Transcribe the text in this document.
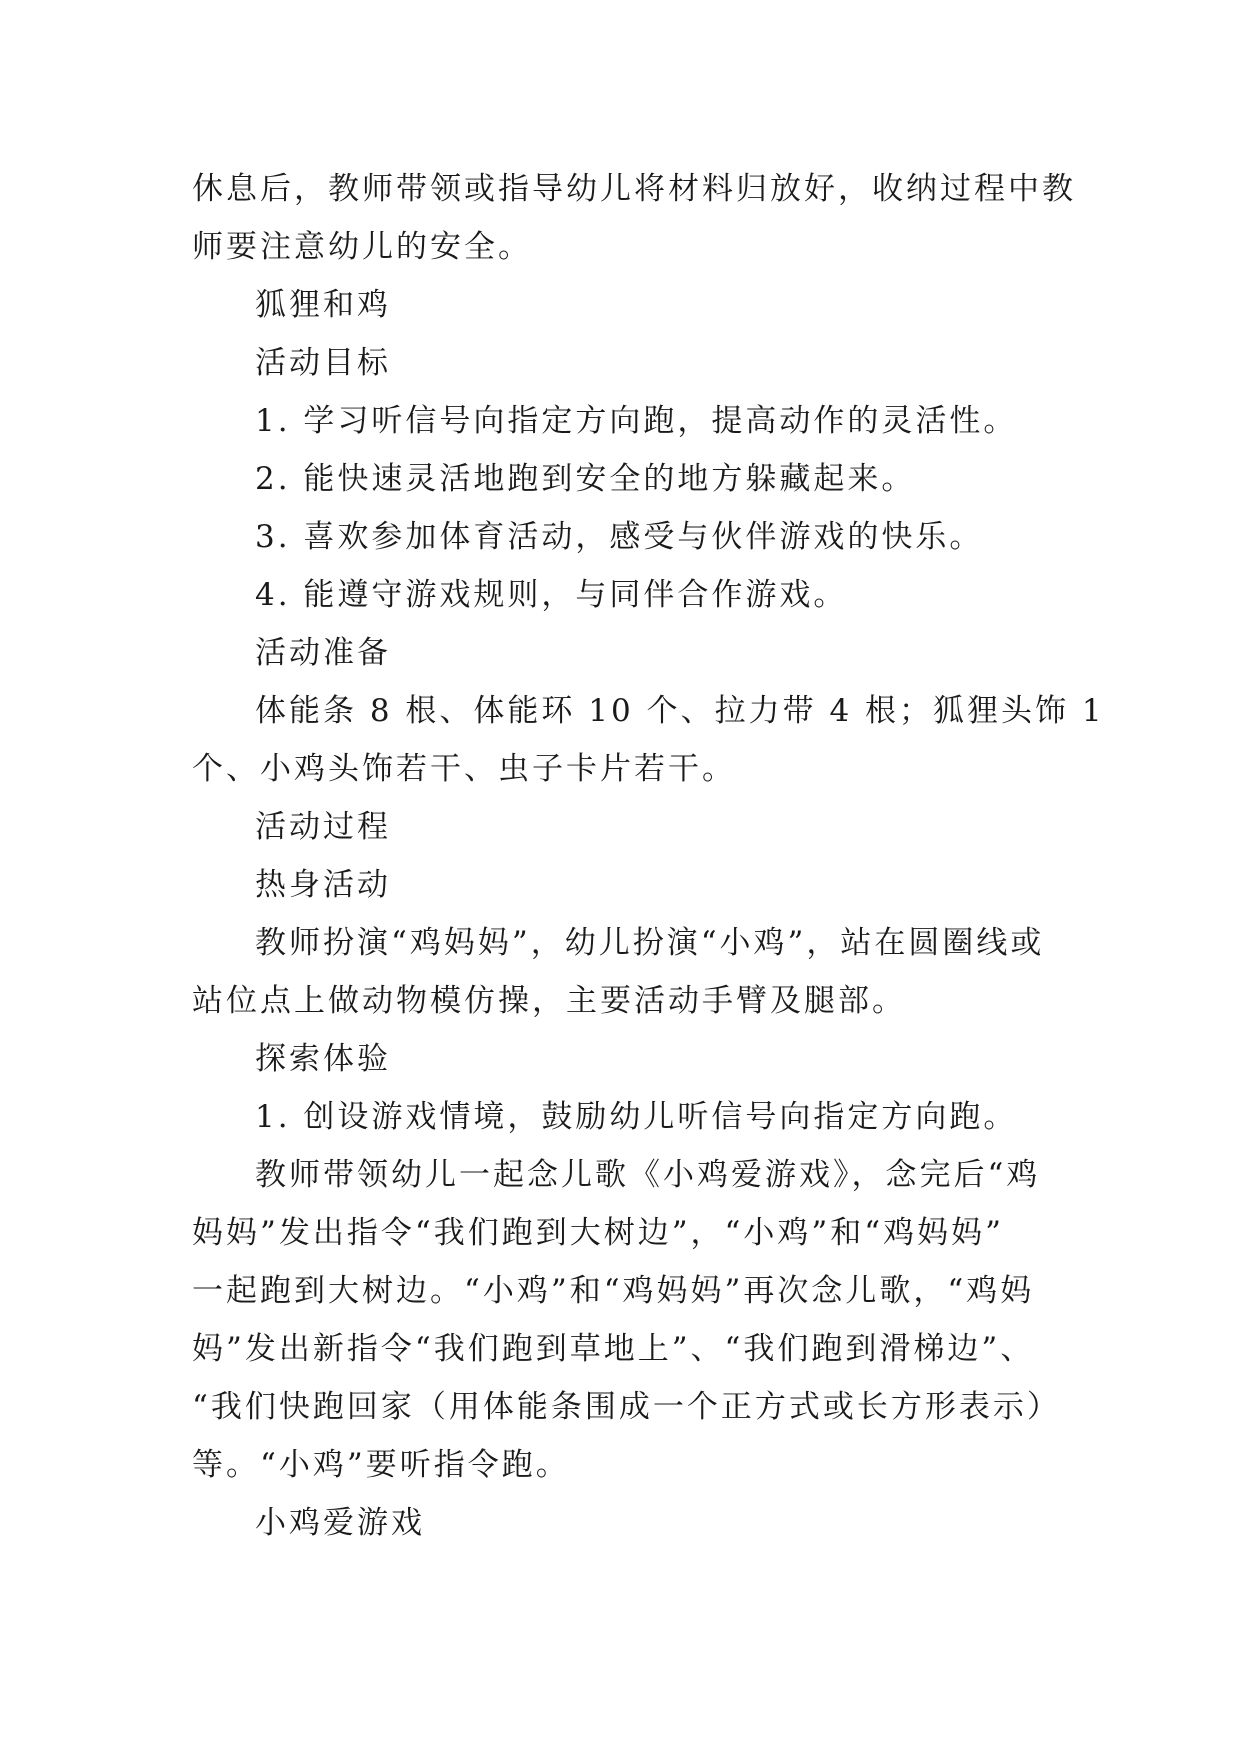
休息后，教师带领或指导幼儿将材料归放好，收纳过程中教

师要注意幼儿的安全。

狐狸和鸡

活动目标

1. 学习听信号向指定方向跑，提高动作的灵活性。

2. 能快速灵活地跑到安全的地方躲藏起来。

3. 喜欢参加体育活动，感受与伙伴游戏的快乐。

4. 能遵守游戏规则，与同伴合作游戏。

活动准备

体能条 8 根、体能环 10 个、拉力带 4 根；狐狸头饰 1

个、小鸡头饰若干、虫子卡片若干。

活动过程

热身活动

教师扮演“鸡妈妈”，幼儿扮演“小鸡”，站在圆圈线或

站位点上做动物模仿操，主要活动手臂及腿部。

探索体验

1. 创设游戏情境，鼓励幼儿听信号向指定方向跑。

教师带领幼儿一起念儿歌《小鸡爱游戏》，念完后“鸡

妈妈”发出指令“我们跑到大树边”，“小鸡”和“鸡妈妈”

一起跑到大树边。“小鸡”和“鸡妈妈”再次念儿歌，“鸡妈

妈”发出新指令“我们跑到草地上”、“我们跑到滑梯边”、

“我们快跑回家（用体能条围成一个正方式或长方形表示）

等。“小鸡”要听指令跑。

小鸡爱游戏
